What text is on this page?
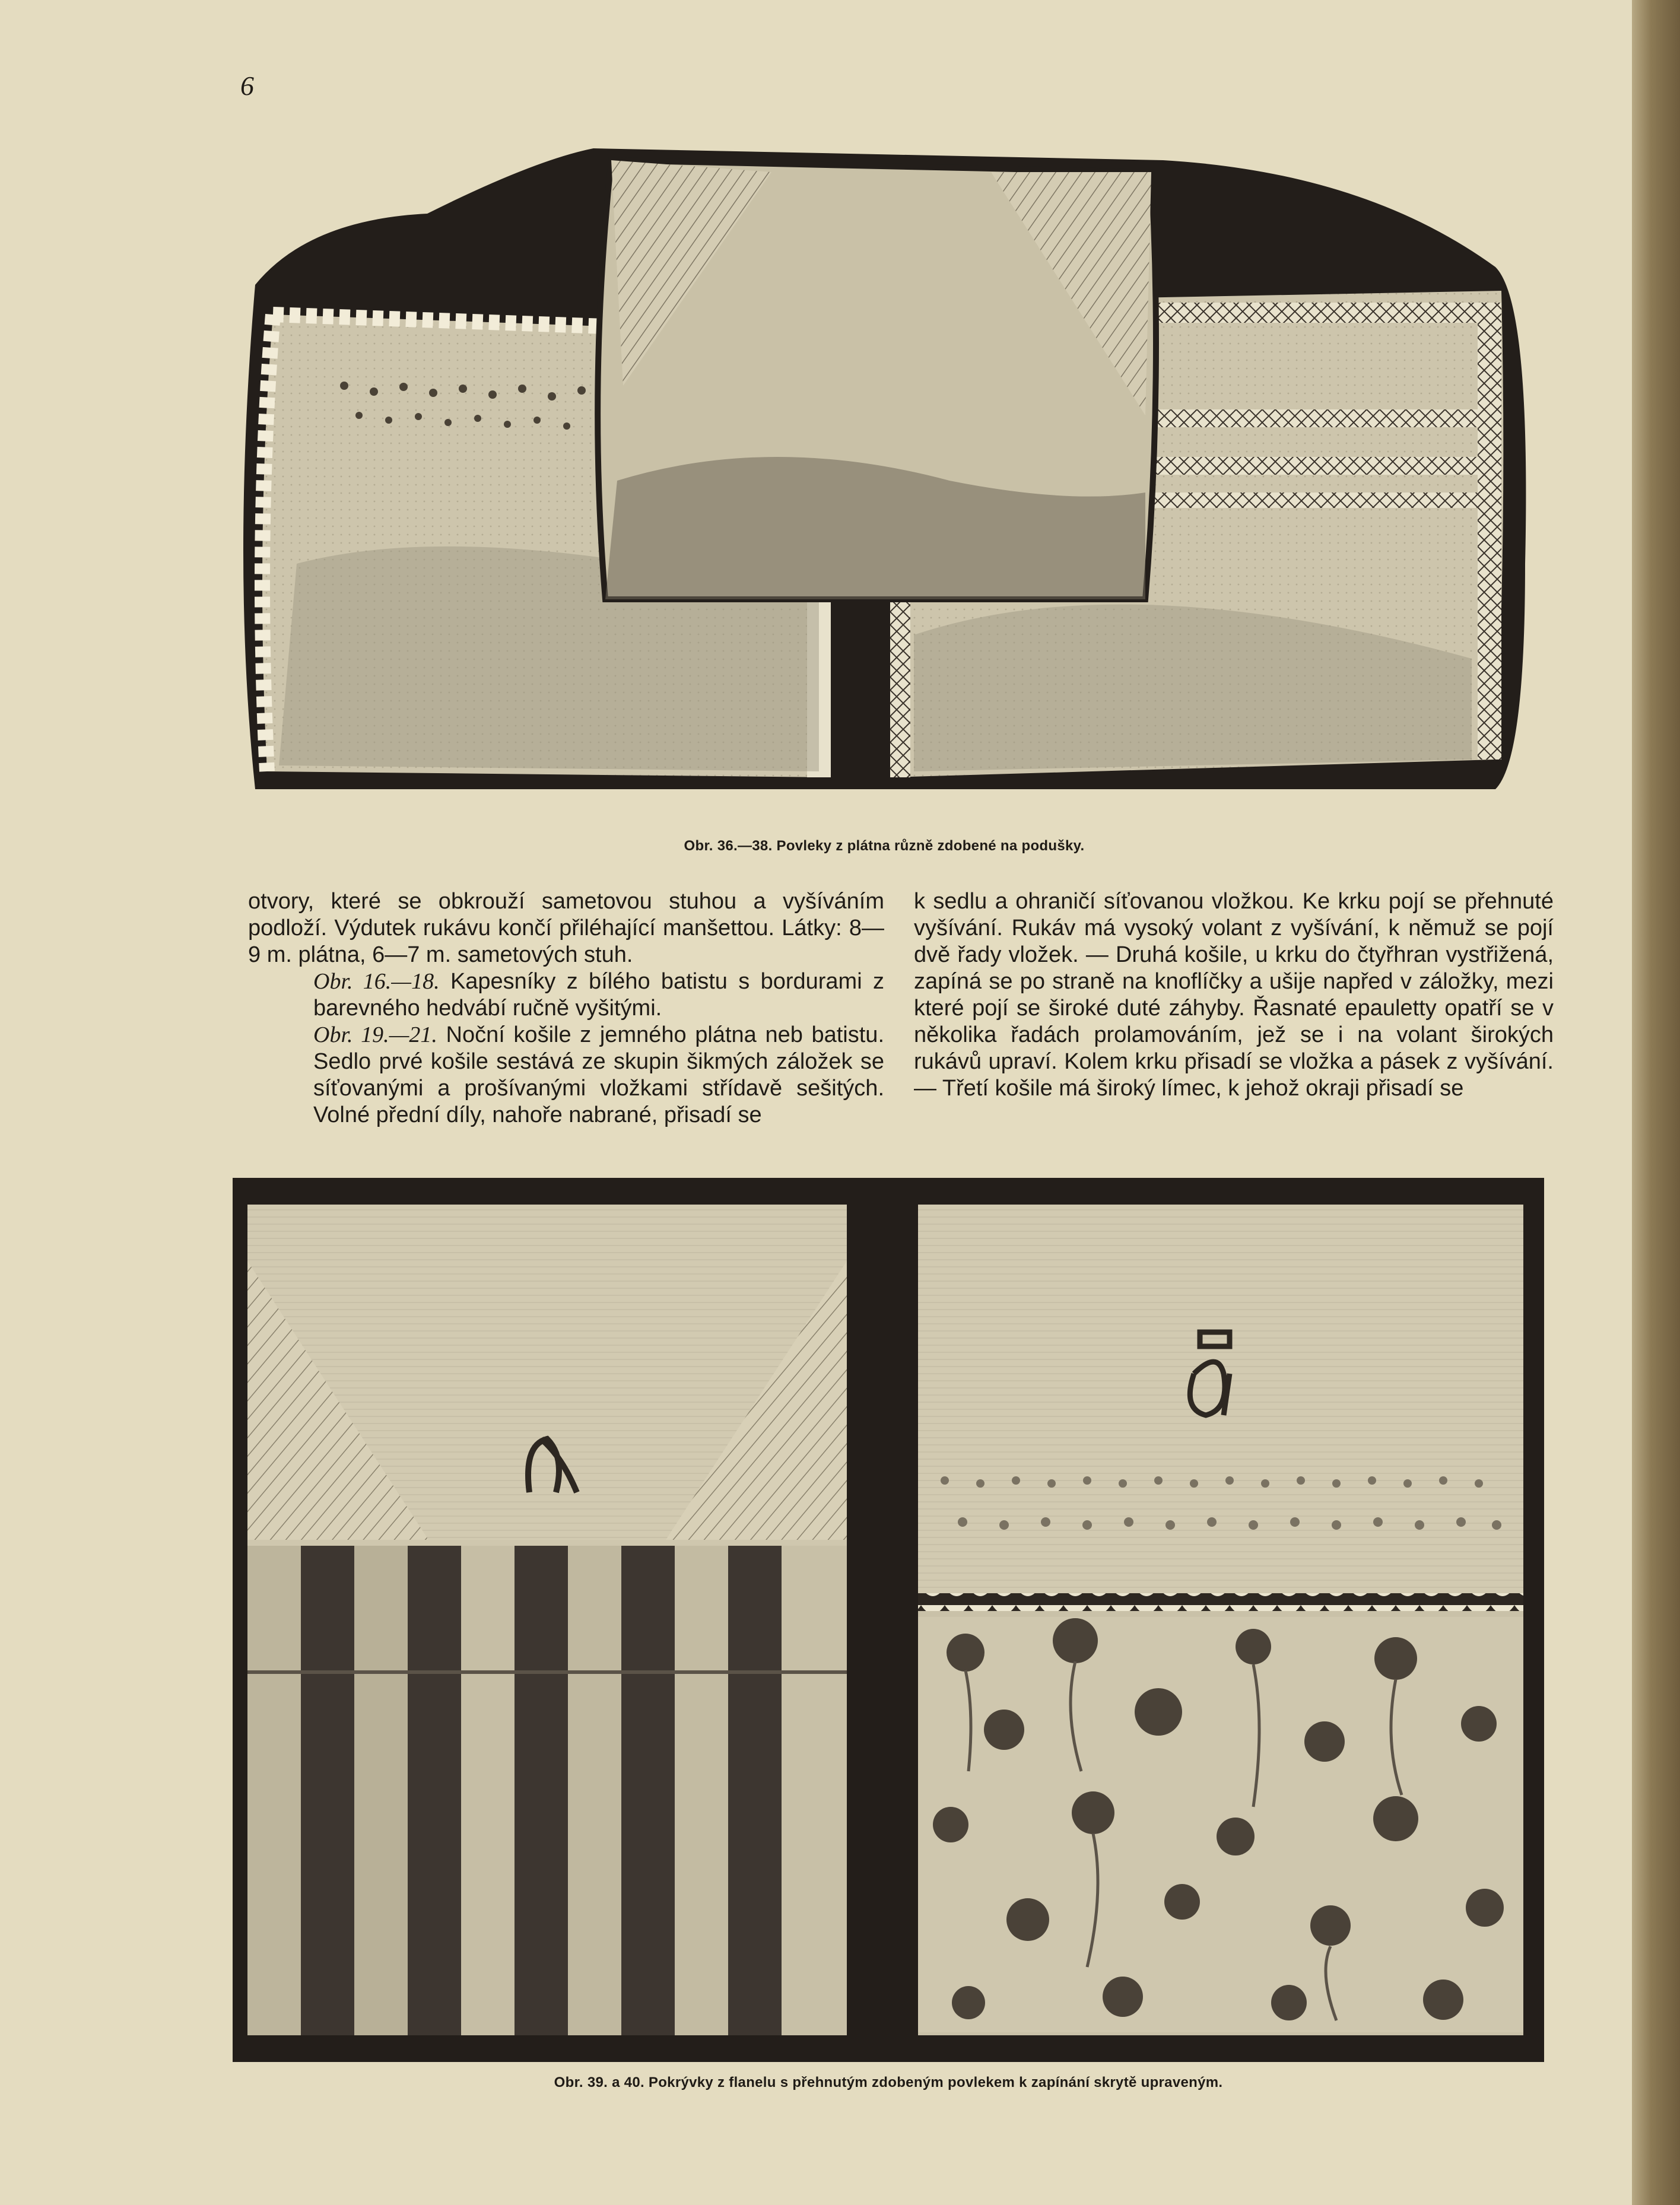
6
Obr. 36.—38. Povleky z plátna různě zdobené na podušky.

otvory, které se obkrouží sametovou stuhou a vyšíváním podloží. Výdutek rukávu končí přiléhající manšettou. Látky: 8—9 m. plátna, 6—7 m. sametových stuh.

Obr. 16.—18. Kapesníky z bílého batistu s bordurami z barevného hedvábí ručně vyšitými.

Obr. 19.—21. Noční košile z jemného plátna neb batistu. Sedlo prvé košile sestává ze skupin šikmých záložek se síťovanými a prošívanými vložkami střídavě sešitých. Volné přední díly, nahoře nabrané, přisadí se

k sedlu a ohraničí síťovanou vložkou. Ke krku pojí se přehnuté vyšívání. Rukáv má vysoký volant z vyšívání, k němuž se pojí dvě řady vložek. — Druhá košile, u krku do čtyřhran vystřižená, zapíná se po straně na knoflíčky a ušije napřed v záložky, mezi které pojí se široké duté záhyby. Řasnaté epauletty opatří se v několika řadách prolamováním, jež se i na volant širokých rukávů upraví. Kolem krku přisadí se vložka a pásek z vyšívání. — Třetí košile má široký límec, k jehož okraji přisadí se

Obr. 39. a 40. Pokrývky z flanelu s přehnutým zdobeným povlekem k zapínání skrytě upraveným.
